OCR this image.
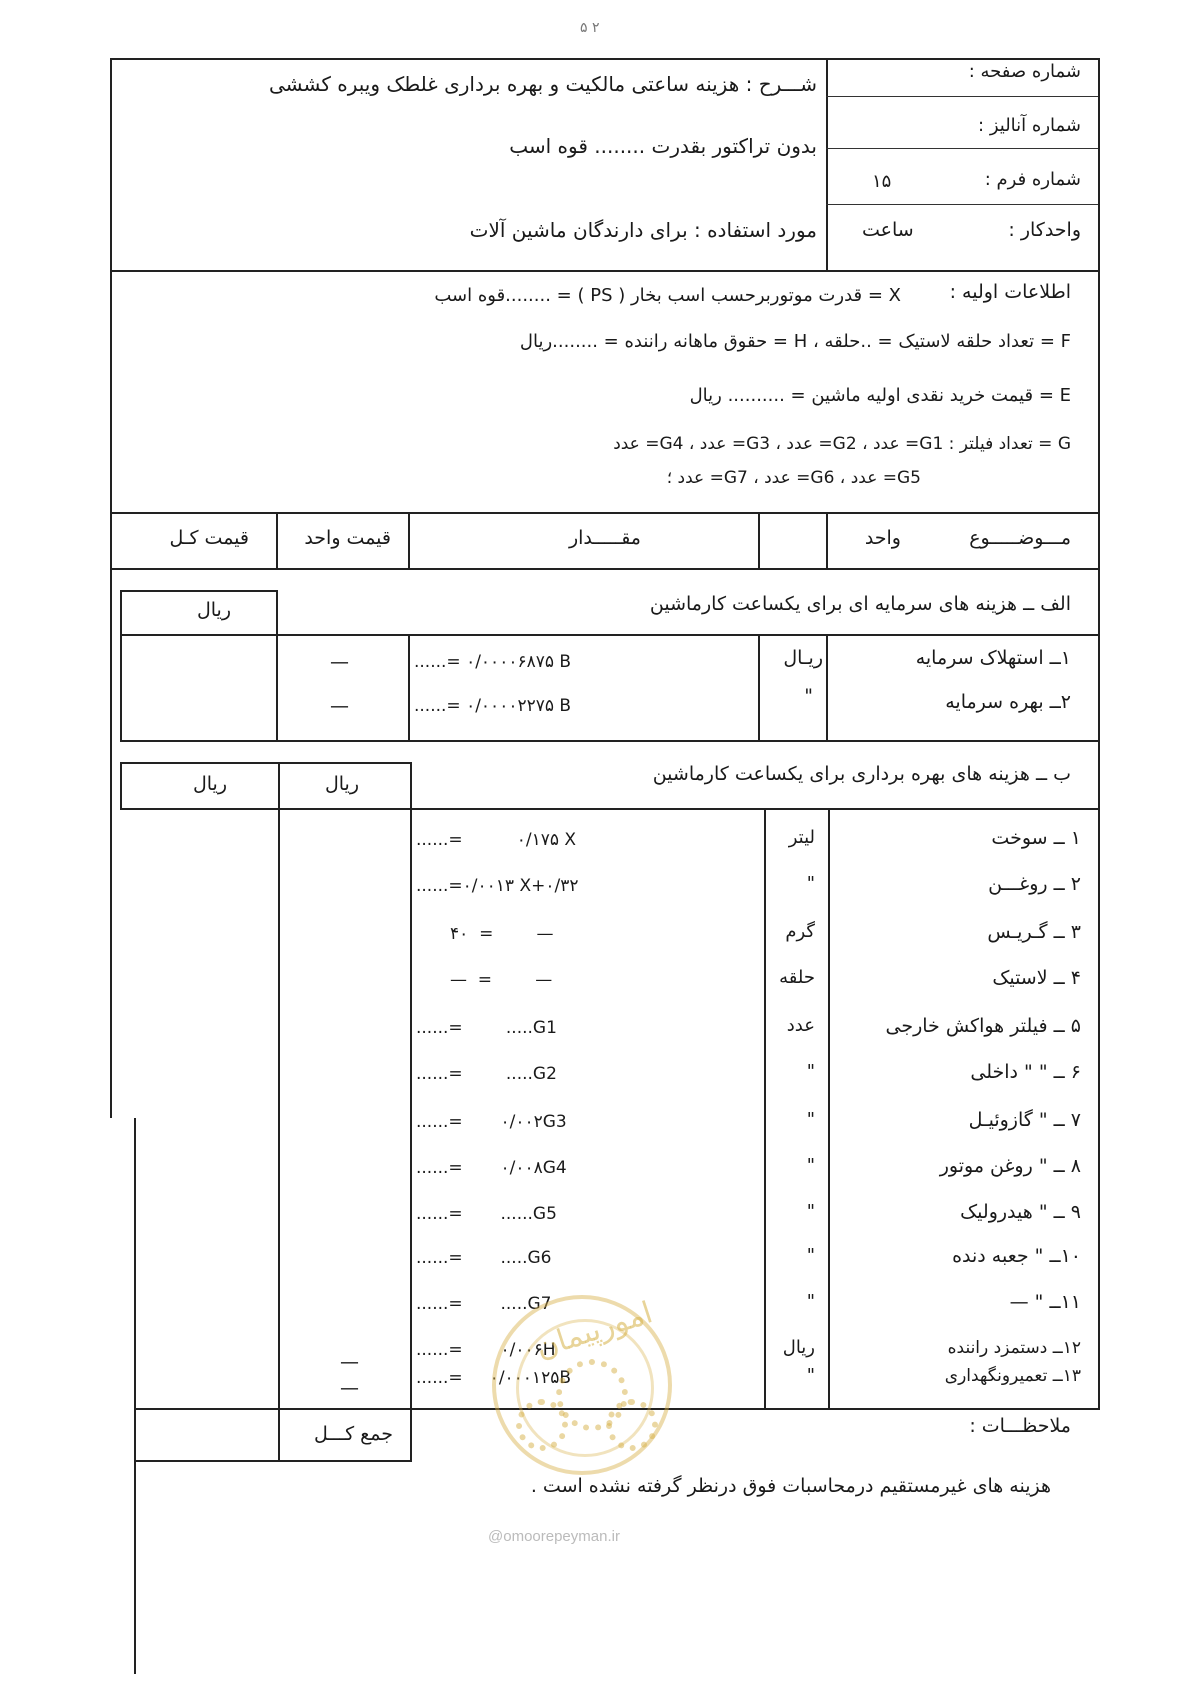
۵ ۲
شماره صفحه :
شماره آنالیز :
شماره فرم :
۱۵
واحدکار :
ساعت
شـــرح : هزینه ساعتی مالکیت و بهره برداری غلطک ویبره کششی
بدون تراکتور بقدرت ........ قوه اسب
مورد استفاده : برای دارندگان ماشین آلات
اطلاعات اولیه :
X = قدرت موتوربرحسب اسب بخار ( PS ) = ........قوه اسب
F = تعداد حلقه لاستیک = ..حلقه ، H = حقوق ماهانه راننده = ........ریال
E = قیمت خرید نقدی اولیه ماشین = .......... ریال
G = تعداد فیلتر : G1= عدد ، G2= عدد ، G3= عدد ، G4= عدد
G5= عدد ، G6= عدد ، G7= عدد ؛
مـــوضـــــوع
واحد
مقـــــدار
قیمت واحد
قیمت کـل
الف ــ هزینه های سرمایه ای برای یکساعت کارماشین
ریال
۱ــ استهلاک سرمایه
ریـال
......= ۰/۰۰۰۰۶۸۷۵ B
—
۲ــ بهره سرمایه
"
......= ۰/۰۰۰۰۲۲۷۵ B
—
ب ــ هزینه های بهره برداری برای یکساعت کارماشین
ریال
ریال
۱ ــ سوخت
لیتر
......=          ۰/۱۷۵ X
۲ ــ روغـــن
"
......=۰/۰۰۱۳ X+۰/۳۲
۳ ــ گـریـس
گرم
۴۰  =        —
۴ ــ لاستیک
حلقه
—  =        —
۵ ــ فیلتر هواکش خارجی
عدد
......=        .....G1
۶ ــ " " داخلی
"
......=        .....G2
۷ ــ " گازوئیـل
"
......=       ۰/۰۰۲G3
۸ ــ " روغن موتور
"
......=       ۰/۰۰۸G4
۹ ــ " هیدرولیک
"
......=       ......G5
۱۰ــ " جعبه دنده
"
......=       .....G6
۱۱ــ " —
"
......=       .....G7
۱۲ــ دستمزد راننده
ریال
......=       ۰/۰۰۶H
۱۳ــ تعمیرونگهداری
"
......=     ۰/۰۰۰۱۲۵B
—
—
جمع کـــل	ملاحظـــات :
هزینه های غیرمستقیم درمحاسبات فوق درنظر گرفته نشده است .
امورپیمان
@omoorepeyman.ir
